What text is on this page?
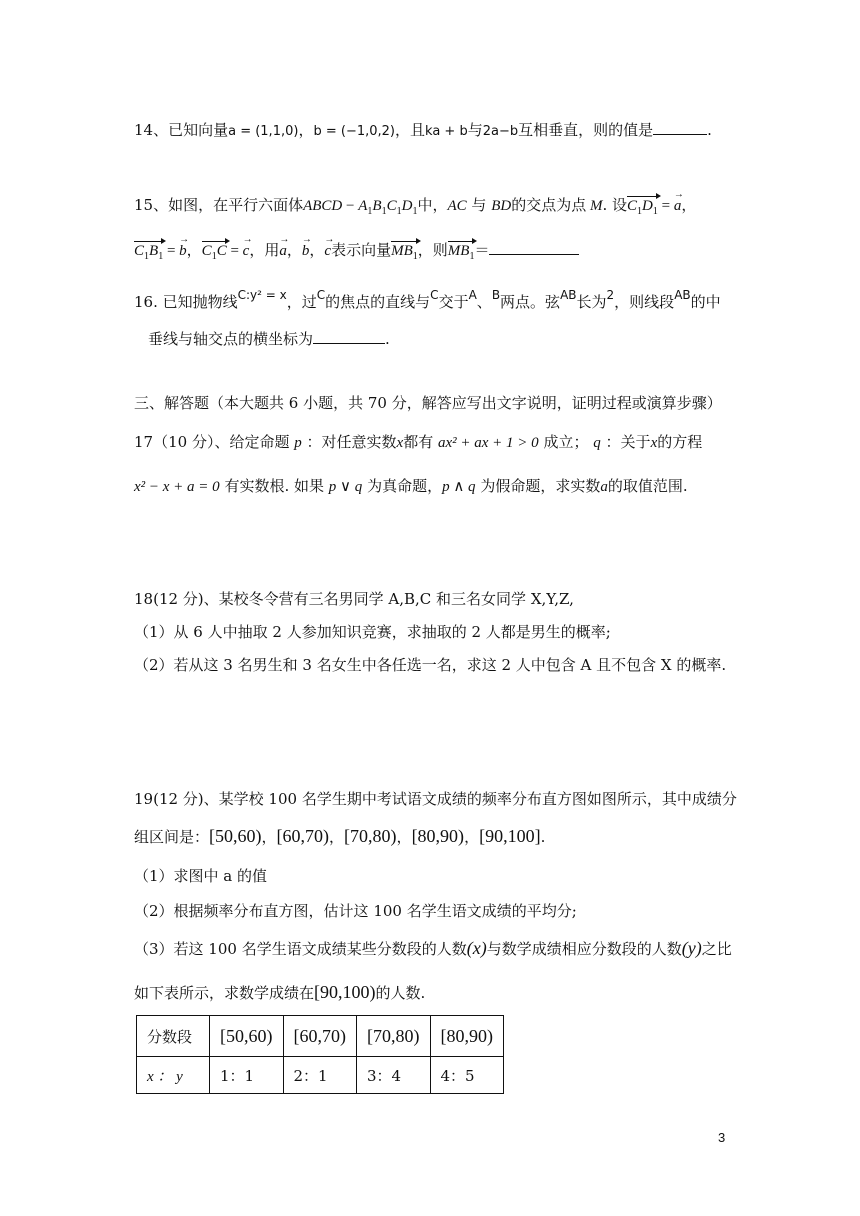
14、已知向量a = (1,1,0)，b = (−1,0,2)，且ka + b与2a−b互相垂直，则的值是	.
15、如图，在平行六面体ABCD − $A_1B_1C_1D_1$中，AC 与 BD的交点为点 M. 设$C_1D_1$ = → a，
$C_1B_1$ = → b，$C_1C$ = → c，用→ a，→ b，→ c表示向量$MB_1$，则$MB_1=$
16. 已知抛物线$^{C:y^2 = x}$，过$^C$的焦点的直线与$^C$交于$^A$、$^B$两点。弦$^{AB}$长为$^2$，则线段$^{AB}$的中
垂线与轴交点的横坐标为	.
三、解答题（本大题共 6 小题，共 70 分，解答应写出文字说明，证明过程或演算步骤）
17（10 分）、给定命题 p ：对任意实数x都有 ax² + ax + 1 > 0 成立； q ：关于x的方程
x² − x + a = 0 有实数根. 如果 p ∨ q 为真命题，p ∧ q 为假命题，求实数a的取值范围.
18(12 分)、某校冬令营有三名男同学 A,B,C 和三名女同学 X,Y,Z,
（1）从 6 人中抽取 2 人参加知识竞赛，求抽取的 2 人都是男生的概率;
（2）若从这 3 名男生和 3 名女生中各任选一名，求这 2 人中包含 A 且不包含 X 的概率.
19(12 分)、某学校 100 名学生期中考试语文成绩的频率分布直方图如图所示，其中成绩分
组区间是：[50,60)，[60,70)，[70,80)，[80,90)，[90,100].
（1）求图中 a 的值
（2）根据频率分布直方图，估计这 100 名学生语文成绩的平均分;
（3）若这 100 名学生语文成绩某些分数段的人数(x)与数学成绩相应分数段的人数(y)之比
如下表所示，求数学成绩在[90,100)的人数.
分数段	[50,60)	[60,70)	[70,80)	[80,90)
x ： y	1：1	2：1	3：4	4：5
3
